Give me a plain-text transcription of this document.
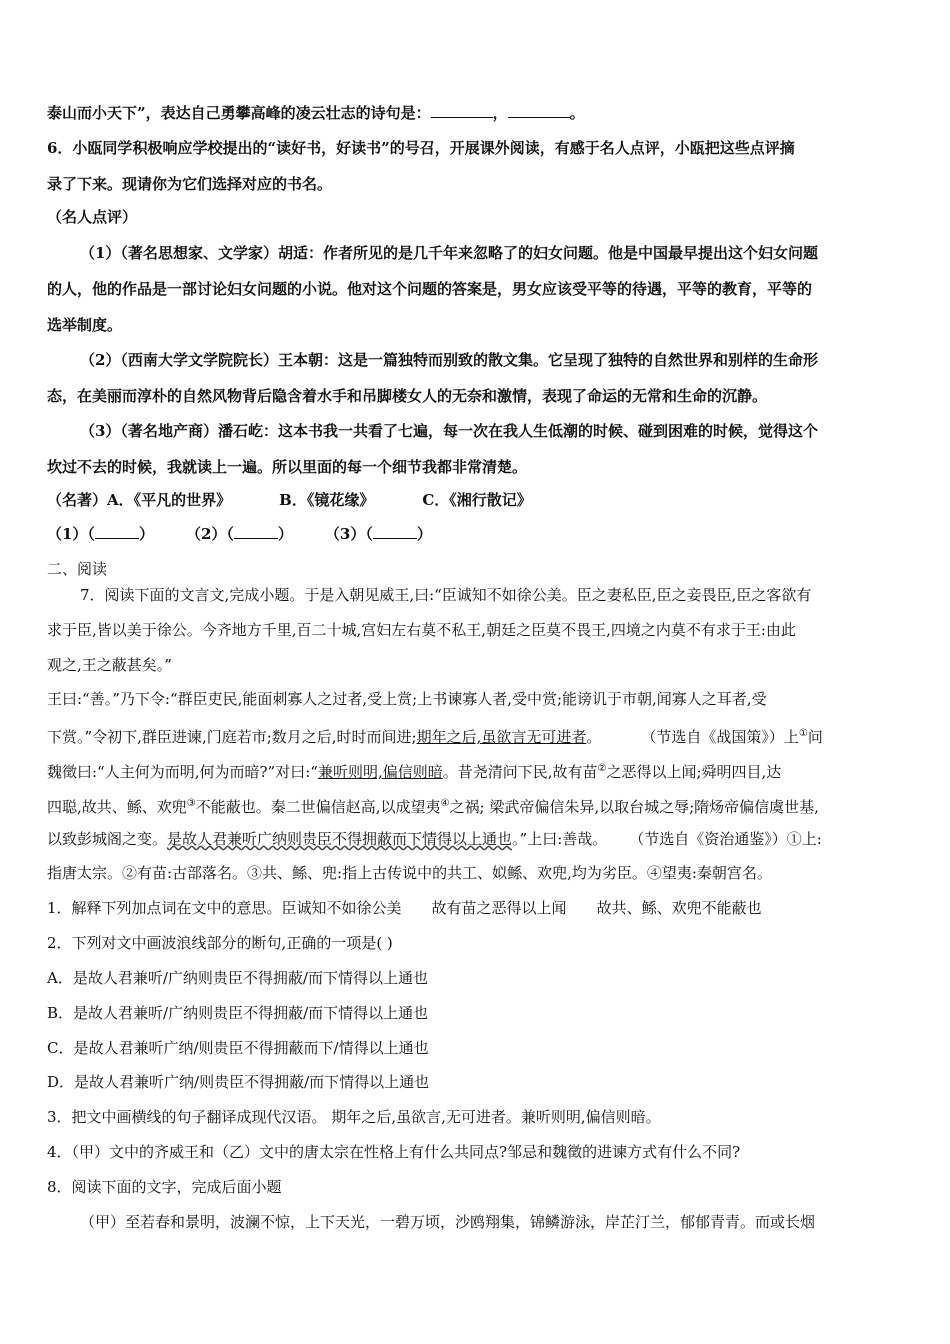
泰山而小天下”，表达自己勇攀高峰的凌云壮志的诗句是：	，	。
6．小瓯同学积极响应学校提出的“读好书，好读书”的号召，开展课外阅读，有感于名人点评，小瓯把这些点评摘
录了下来。现请你为它们选择对应的书名。
（名人点评）
（1）（著名思想家、文学家）胡适：作者所见的是几千年来忽略了的妇女问题。他是中国最早提出这个妇女问题
的人，他的作品是一部讨论妇女问题的小说。他对这个问题的答案是，男女应该受平等的待遇，平等的教育，平等的
选举制度。
（2）（西南大学文学院院长）王本朝：这是一篇独特而别致的散文集。它呈现了独特的自然世界和别样的生命形
态，在美丽而淳朴的自然风物背后隐含着水手和吊脚楼女人的无奈和激情，表现了命运的无常和生命的沉静。
（3）（著名地产商）潘石屹：这本书我一共看了七遍，每一次在我人生低潮的时候、碰到困难的时候，觉得这个
坎过不去的时候，我就读上一遍。所以里面的每一个细节我都非常清楚。
（名著）A．《平凡的世界》	B．《镜花缘》	C．《湘行散记》
（1）（	） （2）（	） （3）（	）
二、阅读
7．阅读下面的文言文,完成小题。于是入朝见威王,曰:“臣诚知不如徐公美。臣之妻私臣,臣之妾畏臣,臣之客欲有
求于臣,皆以美于徐公。今齐地方千里,百二十城,宫妇左右莫不私王,朝廷之臣莫不畏王,四境之内莫不有求于王:由此
观之,王之蔽甚矣。”
王曰:“善。”乃下令:“群臣吏民,能面刺寡人之过者,受上赏;上书谏寡人者,受中赏;能谤讥于市朝,闻寡人之耳者,受
下赏。”令初下,群臣进谏,门庭若市;数月之后,时时而间进;期年之后,虽欲言无可进者。	（节选自《战国策》）上①问
魏徵曰:“人主何为而明,何为而暗?”对曰:“兼听则明,偏信则暗。昔尧清问下民,故有苗②之恶得以上闻;舜明四目,达
四聪,故共、鲧、欢兜③不能蔽也。秦二世偏信赵高,以成望夷④之祸; 梁武帝偏信朱异,以取台城之辱;隋炀帝偏信虞世基,
以致彭城阁之变。是故人君兼听广纳则贵臣不得拥蔽而下情得以上通也。”上曰:善哉。 （节选自《资治通鉴》）①上:
指唐太宗。②有苗:古部落名。③共、鲧、兜:指上古传说中的共工、姒鲧、欢兜,均为劣臣。④望夷:秦朝宫名。
1．解释下列加点词在文中的意思。臣诚知不如徐公美 故有苗之恶得以上闻 故共、鲧、欢兜不能蔽也
2．下列对文中画波浪线部分的断句,正确的一项是( )
A．是故人君兼听/广纳则贵臣不得拥蔽/而下情得以上通也
B．是故人君兼听/广纳则贵臣不得拥蔽/而下情得以上通也
C．是故人君兼听广纳/则贵臣不得拥蔽而下/情得以上通也
D．是故人君兼听广纳/则贵臣不得拥蔽/而下情得以上通也
3．把文中画横线的句子翻译成现代汉语。 期年之后,虽欲言,无可进者。兼听则明,偏信则暗。
4．（甲）文中的齐威王和（乙）文中的唐太宗在性格上有什么共同点?邹忌和魏徵的进谏方式有什么不同?
8．阅读下面的文字，完成后面小题
（甲）至若春和景明，波澜不惊，上下天光，一碧万顷，沙鸥翔集，锦鳞游泳，岸芷汀兰，郁郁青青。而或长烟
